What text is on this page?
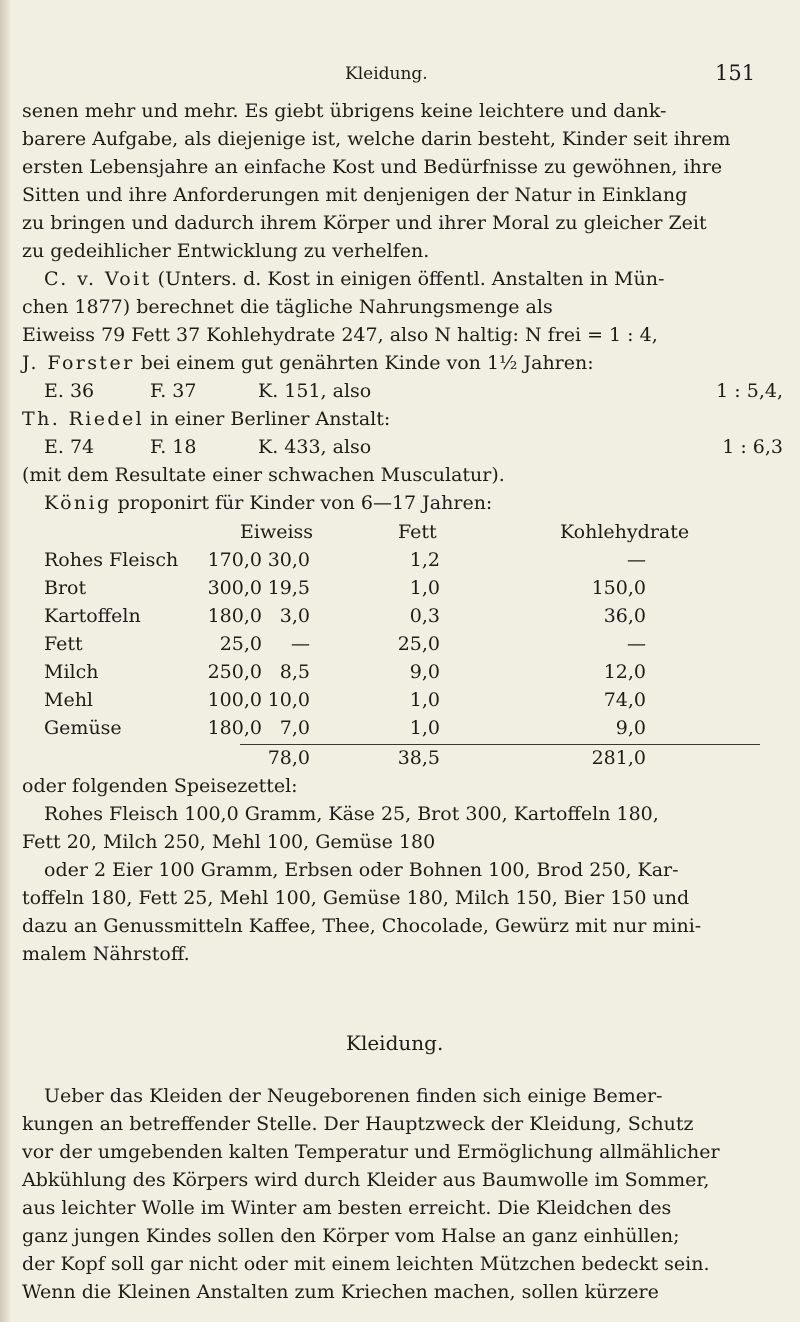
Kleidung.	151
senen mehr und mehr. Es giebt übrigens keine leichtere und dank-
barere Aufgabe, als diejenige ist, welche darin besteht, Kinder seit ihrem
ersten Lebensjahre an einfache Kost und Bedürfnisse zu gewöhnen, ihre
Sitten und ihre Anforderungen mit denjenigen der Natur in Einklang
zu bringen und dadurch ihrem Körper und ihrer Moral zu gleicher Zeit
zu gedeihlicher Entwicklung zu verhelfen.
C. v. Voit (Unters. d. Kost in einigen öffentl. Anstalten in Mün-
chen 1877) berechnet die tägliche Nahrungsmenge als
Eiweiss 79 Fett 37 Kohlehydrate 247, also N haltig: N frei = 1 : 4,
J. Forster bei einem gut genährten Kinde von 1½ Jahren:
E. 36	F. 37	K. 151, also	1 : 5,4,
Th. Riedel in einer Berliner Anstalt:
E. 74	F. 18	K. 433, also	1 : 6,3
(mit dem Resultate einer schwachen Musculatur).
König proponirt für Kinder von 6—17 Jahren:
Eiweiss	Fett	Kohlehydrate
Rohes Fleisch	170,0 30,0	1,2	—
Brot	300,0 19,5	1,0	150,0
Kartoffeln	180,0 3,0	0,3	36,0
Fett	25,0	—	25,0	—
Milch	250,0 8,5	9,0	12,0
Mehl	100,0 10,0	1,0	74,0
Gemüse	180,0 7,0	1,0	9,0
78,0	38,5	281,0
oder folgenden Speisezettel:
Rohes Fleisch 100,0 Gramm, Käse 25, Brot 300, Kartoffeln 180,
Fett 20, Milch 250, Mehl 100, Gemüse 180
oder 2 Eier 100 Gramm, Erbsen oder Bohnen 100, Brod 250, Kar-
toffeln 180, Fett 25, Mehl 100, Gemüse 180, Milch 150, Bier 150 und
dazu an Genussmitteln Kaffee, Thee, Chocolade, Gewürz mit nur mini-
malem Nährstoff.
Kleidung.
Ueber das Kleiden der Neugeborenen finden sich einige Bemer-
kungen an betreffender Stelle. Der Hauptzweck der Kleidung, Schutz
vor der umgebenden kalten Temperatur und Ermöglichung allmählicher
Abkühlung des Körpers wird durch Kleider aus Baumwolle im Sommer,
aus leichter Wolle im Winter am besten erreicht. Die Kleidchen des
ganz jungen Kindes sollen den Körper vom Halse an ganz einhüllen;
der Kopf soll gar nicht oder mit einem leichten Mützchen bedeckt sein.
Wenn die Kleinen Anstalten zum Kriechen machen, sollen kürzere
